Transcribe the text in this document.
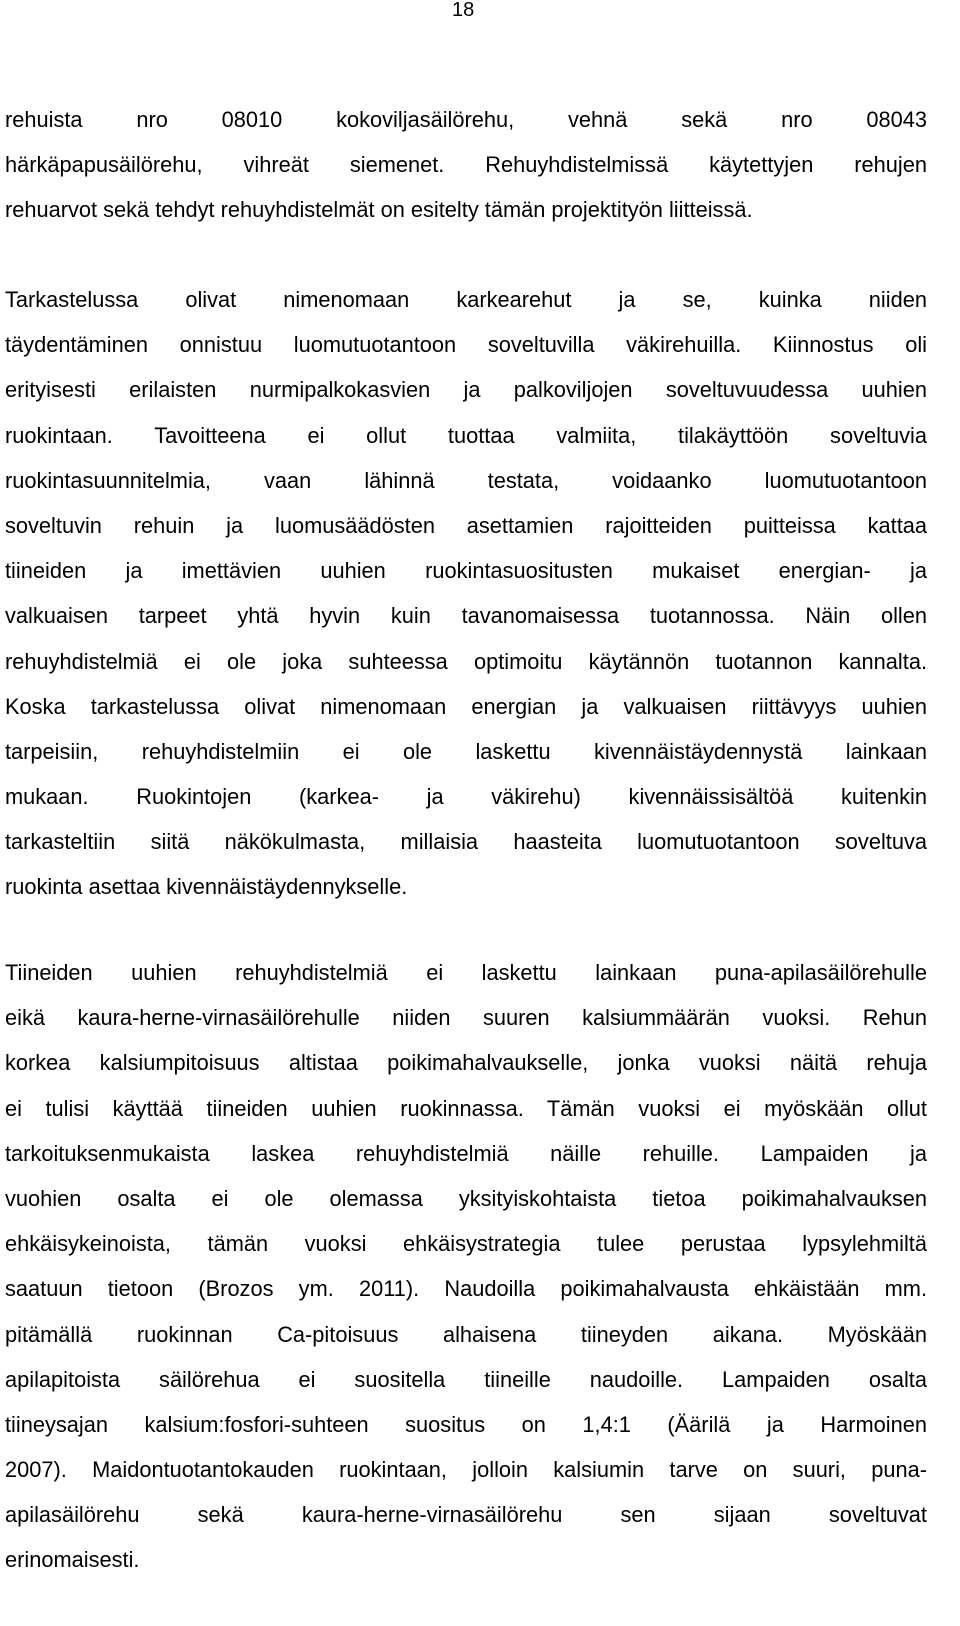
18
rehuista nro 08010 kokoviljasäilörehu, vehnä sekä nro 08043
härkäpapusäilörehu, vihreät siemenet. Rehuyhdistelmissä käytettyjen rehujen
rehuarvot sekä tehdyt rehuyhdistelmät on esitelty tämän projektityön liitteissä.
Tarkastelussa olivat nimenomaan karkearehut ja se, kuinka niiden
täydentäminen onnistuu luomutuotantoon soveltuvilla väkirehuilla. Kiinnostus oli
erityisesti erilaisten nurmipalkokasvien ja palkoviljojen soveltuvuudessa uuhien
ruokintaan. Tavoitteena ei ollut tuottaa valmiita, tilakäyttöön soveltuvia
ruokintasuunnitelmia, vaan lähinnä testata, voidaanko luomutuotantoon
soveltuvin rehuin ja luomusäädösten asettamien rajoitteiden puitteissa kattaa
tiineiden ja imettävien uuhien ruokintasuositusten mukaiset energian- ja
valkuaisen tarpeet yhtä hyvin kuin tavanomaisessa tuotannossa. Näin ollen
rehuyhdistelmiä ei ole joka suhteessa optimoitu käytännön tuotannon kannalta.
Koska tarkastelussa olivat nimenomaan energian ja valkuaisen riittävyys uuhien
tarpeisiin, rehuyhdistelmiin ei ole laskettu kivennäistäydennystä lainkaan
mukaan. Ruokintojen (karkea- ja väkirehu) kivennäissisältöä kuitenkin
tarkasteltiin siitä näkökulmasta, millaisia haasteita luomutuotantoon soveltuva
ruokinta asettaa kivennäistäydennykselle.
Tiineiden uuhien rehuyhdistelmiä ei laskettu lainkaan puna-apilasäilörehulle
eikä kaura-herne-virnasäilörehulle niiden suuren kalsiummäärän vuoksi. Rehun
korkea kalsiumpitoisuus altistaa poikimahalvaukselle, jonka vuoksi näitä rehuja
ei tulisi käyttää tiineiden uuhien ruokinnassa. Tämän vuoksi ei myöskään ollut
tarkoituksenmukaista laskea rehuyhdistelmiä näille rehuille. Lampaiden ja
vuohien osalta ei ole olemassa yksityiskohtaista tietoa poikimahalvauksen
ehkäisykeinoista, tämän vuoksi ehkäisystrategia tulee perustaa lypsylehmiltä
saatuun tietoon (Brozos ym. 2011). Naudoilla poikimahalvausta ehkäistään mm.
pitämällä ruokinnan Ca-pitoisuus alhaisena tiineyden aikana. Myöskään
apilapitoista säilörehua ei suositella tiineille naudoille. Lampaiden osalta
tiineysajan kalsium:fosfori-suhteen suositus on 1,4:1 (Äärilä ja Harmoinen
2007). Maidontuotantokauden ruokintaan, jolloin kalsiumin tarve on suuri, puna-
apilasäilörehu sekä kaura-herne-virnasäilörehu sen sijaan soveltuvat
erinomaisesti.
